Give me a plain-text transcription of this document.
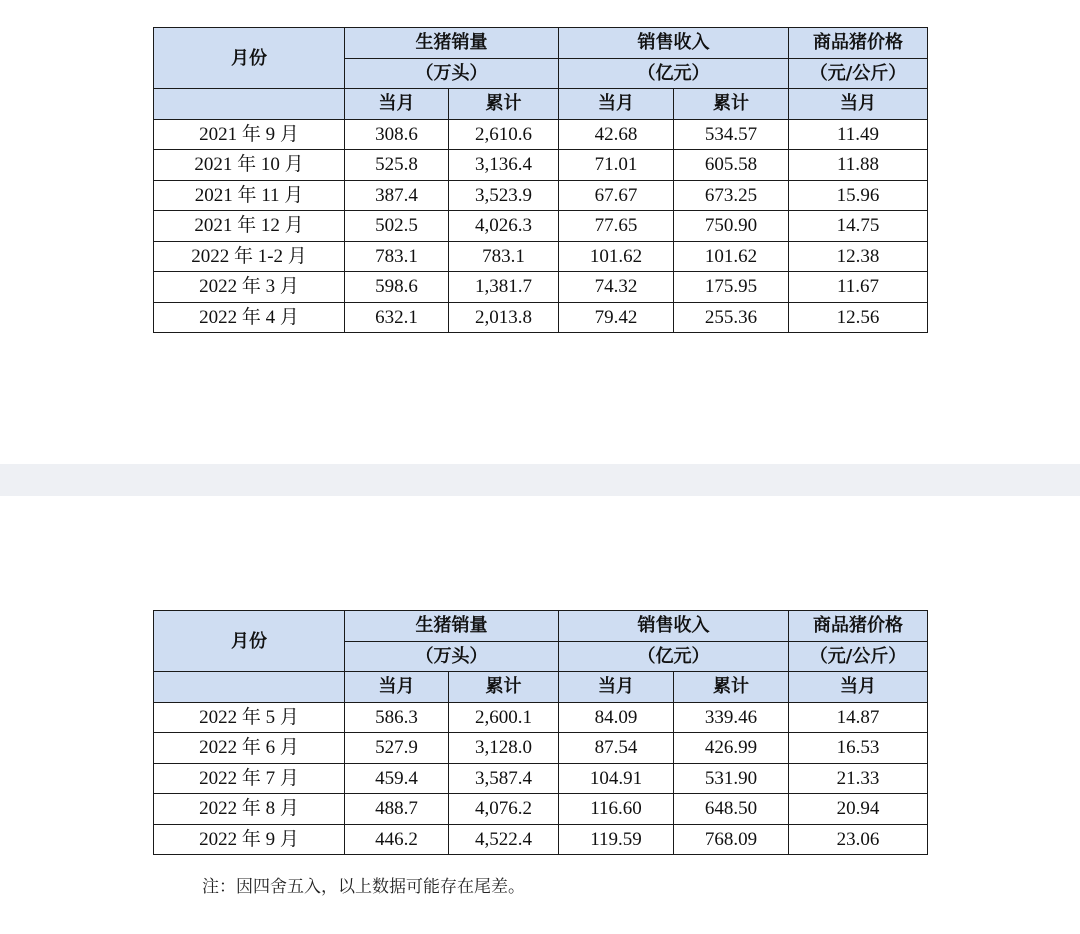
月份	生猪销量		销售收入		商品猪价格
	（万头）		（亿元）		（元/公斤）
	当月	累计	当月	累计	当月
2021 年 9 月	308.6	2,610.6	42.68	534.57	11.49
2021 年 10 月	525.8	3,136.4	71.01	605.58	11.88
2021 年 11 月	387.4	3,523.9	67.67	673.25	15.96
2021 年 12 月	502.5	4,026.3	77.65	750.90	14.75
2022 年 1-2 月	783.1	783.1	101.62	101.62	12.38
2022 年 3 月	598.6	1,381.7	74.32	175.95	11.67
2022 年 4 月	632.1	2,013.8	79.42	255.36	12.56
月份	生猪销量		销售收入		商品猪价格
	（万头）		（亿元）		（元/公斤）
	当月	累计	当月	累计	当月
2022 年 5 月	586.3	2,600.1	84.09	339.46	14.87
2022 年 6 月	527.9	3,128.0	87.54	426.99	16.53
2022 年 7 月	459.4	3,587.4	104.91	531.90	21.33
2022 年 8 月	488.7	4,076.2	116.60	648.50	20.94
2022 年 9 月	446.2	4,522.4	119.59	768.09	23.06
注：因四舍五入，以上数据可能存在尾差。
